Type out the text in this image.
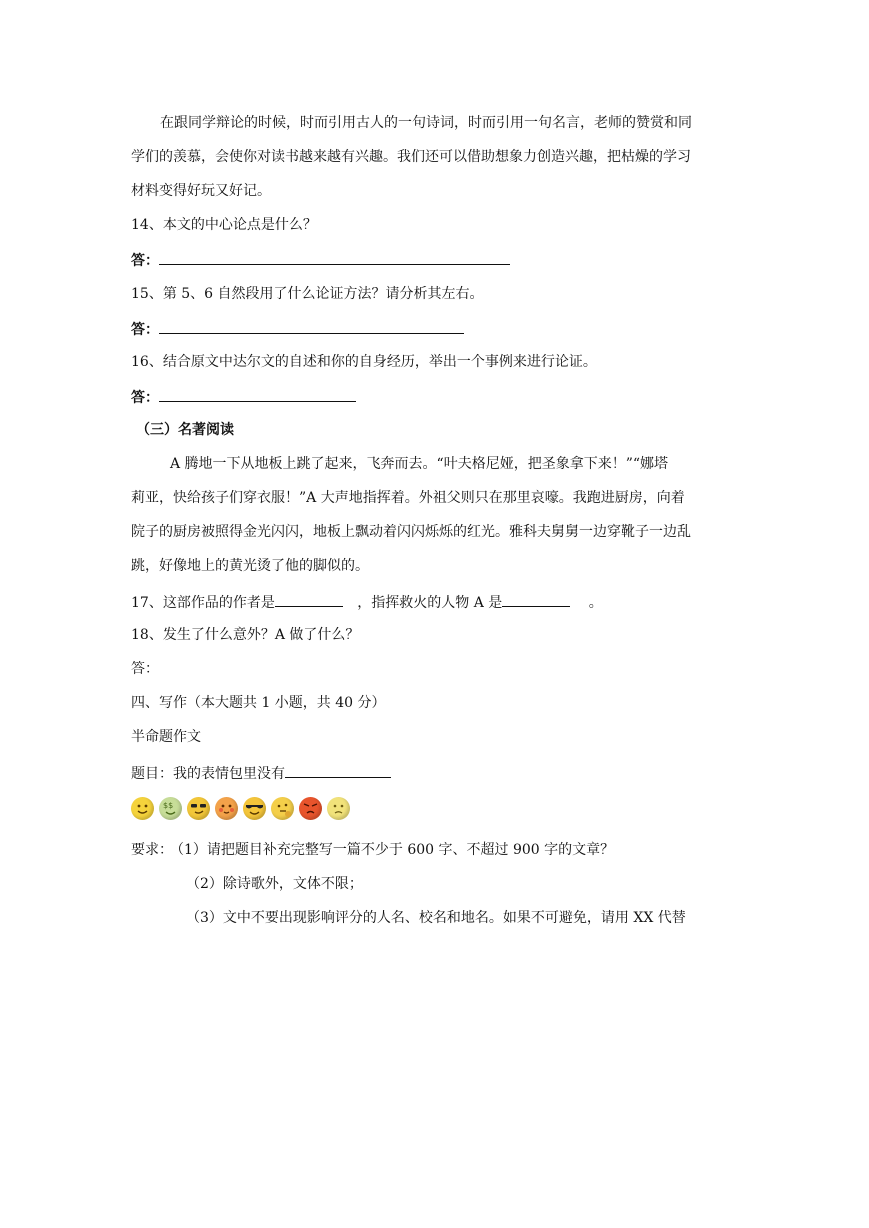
在跟同学辩论的时候，时而引用古人的一句诗词，时而引用一句名言，老师的赞赏和同
学们的羡慕，会使你对读书越来越有兴趣。我们还可以借助想象力创造兴趣，把枯燥的学习
材料变得好玩又好记。
14、本文的中心论点是什么？
答：
15、第 5、6 自然段用了什么论证方法？请分析其左右。
答：
16、结合原文中达尔文的自述和你的自身经历，举出一个事例来进行论证。
答：
（三）名著阅读
A 腾地一下从地板上跳了起来，飞奔而去。“叶夫格尼娅，把圣象拿下来！”“娜塔
莉亚，快给孩子们穿衣服！”A 大声地指挥着。外祖父则只在那里哀嚎。我跑进厨房，向着
院子的厨房被照得金光闪闪，地板上飘动着闪闪烁烁的红光。雅科夫舅舅一边穿靴子一边乱
跳，好像地上的黄光烫了他的脚似的。
17、这部作品的作者是	，指挥救火的人物 A 是	。
18、发生了什么意外？A 做了什么？
答：
四、写作（本大题共 1 小题，共 40 分）
半命题作文
题目：我的表情包里没有
$$
要求： （1）请把题目补充完整写一篇不少于 600 字、不超过 900 字的文章？
（2）除诗歌外，文体不限；
（3）文中不要出现影响评分的人名、校名和地名。如果不可避免，请用 XX 代替
